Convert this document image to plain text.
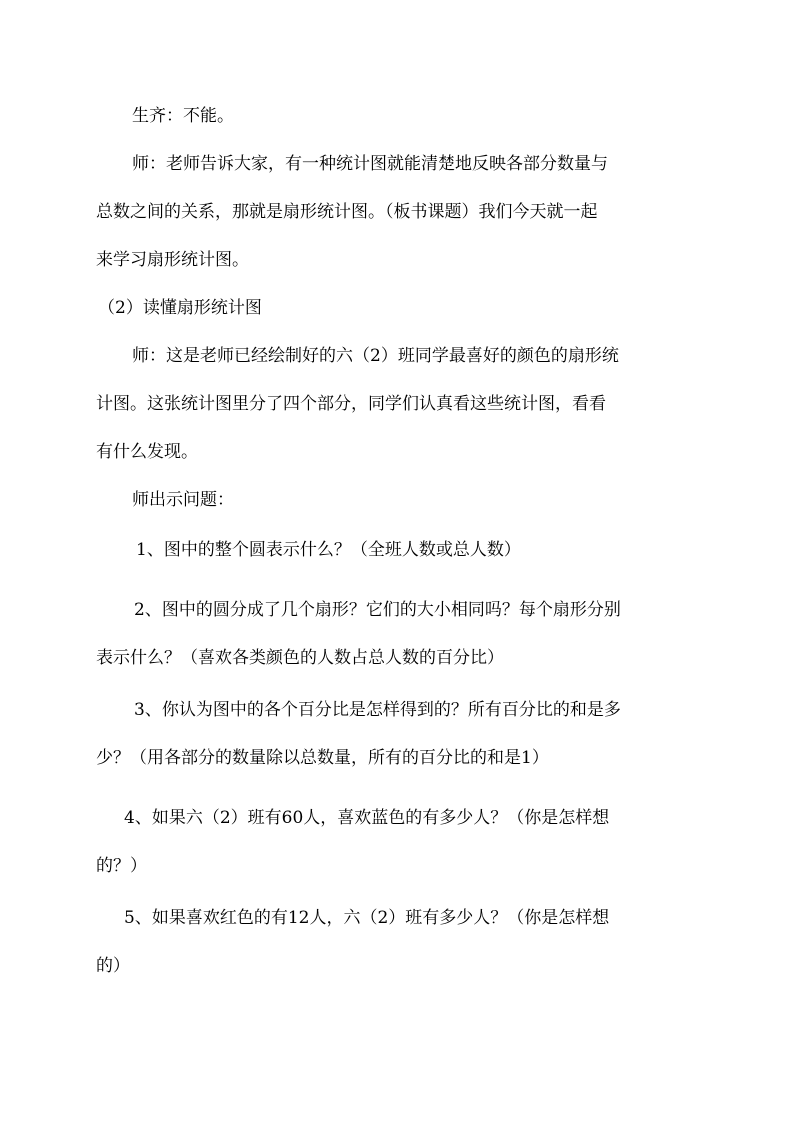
生齐：不能。
师：老师告诉大家，有一种统计图就能清楚地反映各部分数量与
总数之间的关系，那就是扇形统计图。（板书课题）我们今天就一起
来学习扇形统计图。
（2）读懂扇形统计图
师：这是老师已经绘制好的六（2）班同学最喜好的颜色的扇形统
计图。这张统计图里分了四个部分，同学们认真看这些统计图，看看
有什么发现。
师出示问题：
1、图中的整个圆表示什么？（全班人数或总人数）
2、图中的圆分成了几个扇形？它们的大小相同吗？每个扇形分别
表示什么？（喜欢各类颜色的人数占总人数的百分比）
3、你认为图中的各个百分比是怎样得到的？所有百分比的和是多
少？（用各部分的数量除以总数量，所有的百分比的和是1）
4、如果六（2）班有60人，喜欢蓝色的有多少人？（你是怎样想
的？）
5、如果喜欢红色的有12人，六（2）班有多少人？（你是怎样想
的）
